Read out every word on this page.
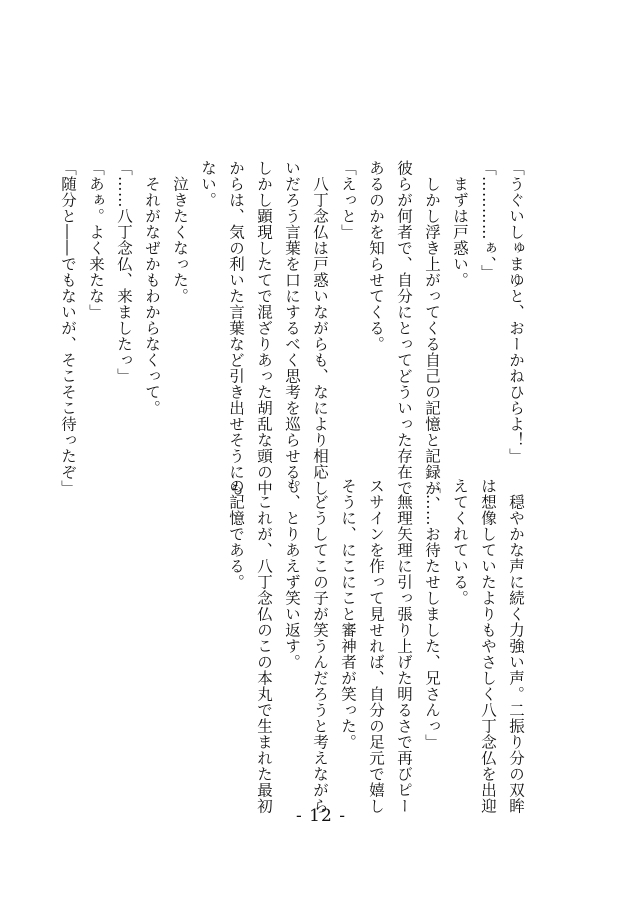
「うぐいしゅまゆと、おーかねひらよ！」
「…………ぁ、」
　まずは戸惑い。
　しかし浮き上がってくる自己の記憶と記録が、
彼らが何者で、自分にとってどういった存在で
あるのかを知らせてくる。
「えっと」
　八丁念仏は戸惑いながらも、なにより相応し
いだろう言葉を口にするべく思考を巡らせる。
しかし顕現したてで混ざりあった胡乱な頭の中
からは、気の利いた言葉など引き出せそうにも
ない。
　泣きたくなった。
　それがなぜかもわからなくって。
「……八丁念仏、来ましたっ」
「あぁ。よく来たな」
「随分と――でもないが、そこそこ待ったぞ」
　穏やかな声に続く力強い声。二振り分の双眸
は想像していたよりもやさしく八丁念仏を出迎
えてくれている。
「……お待たせしました、兄さんっ」
　無理矢理に引っ張り上げた明るさで再びピー
スサインを作って見せれば、自分の足元で嬉し
そうに、にこにこと審神者が笑った。
　どうしてこの子が笑うんだろうと考えながら
も、とりあえず笑い返す。
　これが、八丁念仏のこの本丸で生まれた最初
の記憶である。
- 12 -
